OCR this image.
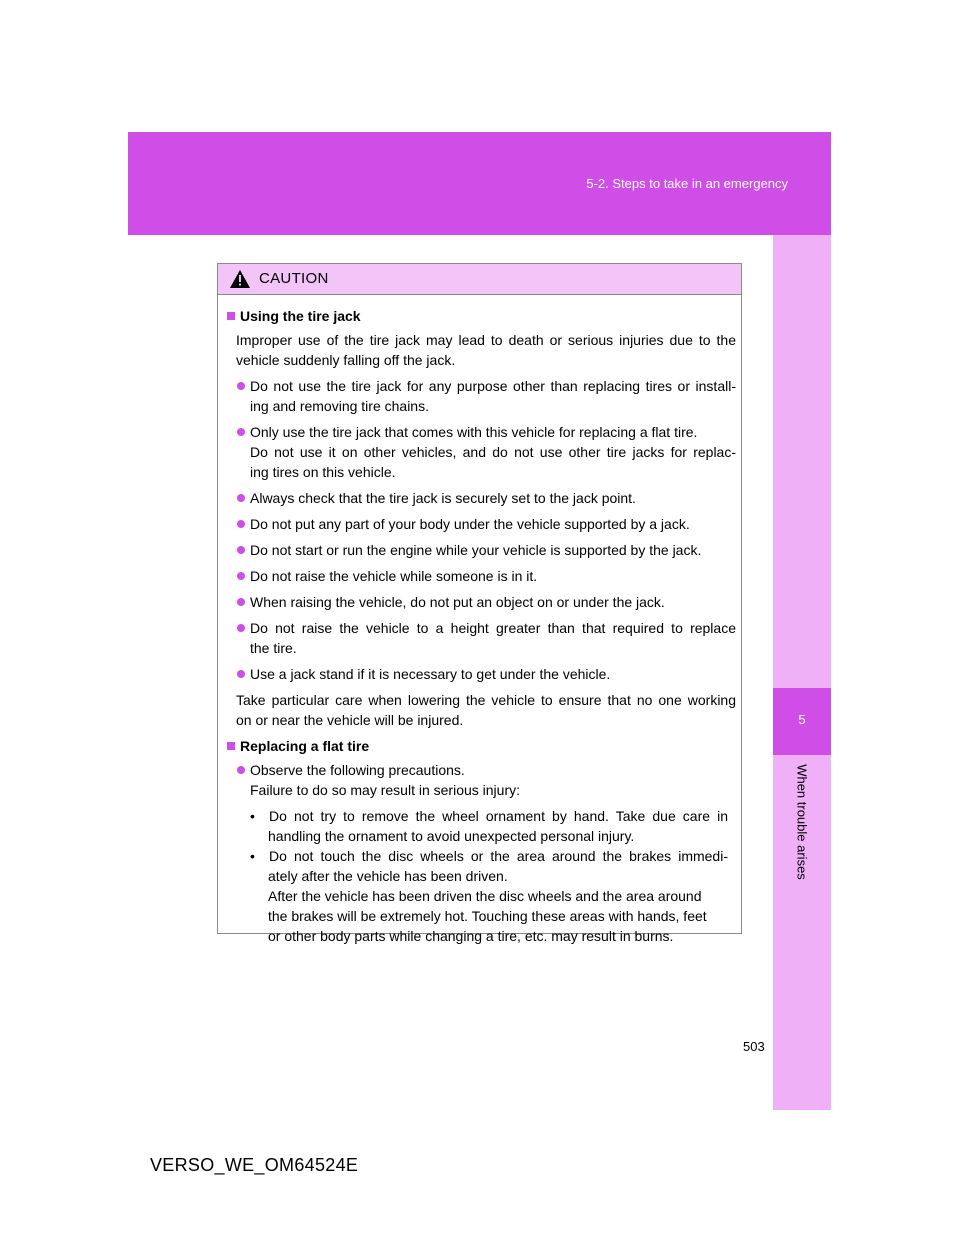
5-2. Steps to take in an emergency
5
When trouble arises
CAUTION
Using the tire jack
Improper use of the tire jack may lead to death or serious injuries due to the
vehicle suddenly falling off the jack.
Do not use the tire jack for any purpose other than replacing tires or install-
ing and removing tire chains.
Only use the tire jack that comes with this vehicle for replacing a flat tire.
Do not use it on other vehicles, and do not use other tire jacks for replac-
ing tires on this vehicle.
Always check that the tire jack is securely set to the jack point.
Do not put any part of your body under the vehicle supported by a jack.
Do not start or run the engine while your vehicle is supported by the jack.
Do not raise the vehicle while someone is in it.
When raising the vehicle, do not put an object on or under the jack.
Do not raise the vehicle to a height greater than that required to replace
the tire.
Use a jack stand if it is necessary to get under the vehicle.
Take particular care when lowering the vehicle to ensure that no one working
on or near the vehicle will be injured.
Replacing a flat tire
Observe the following precautions.
Failure to do so may result in serious injury:
•  Do not try to remove the wheel ornament by hand. Take due care in
handling the ornament to avoid unexpected personal injury.
•  Do not touch the disc wheels or the area around the brakes immedi-
ately after the vehicle has been driven.
After the vehicle has been driven the disc wheels and the area around
the brakes will be extremely hot. Touching these areas with hands, feet
or other body parts while changing a tire, etc. may result in burns.
503
VERSO_WE_OM64524E
